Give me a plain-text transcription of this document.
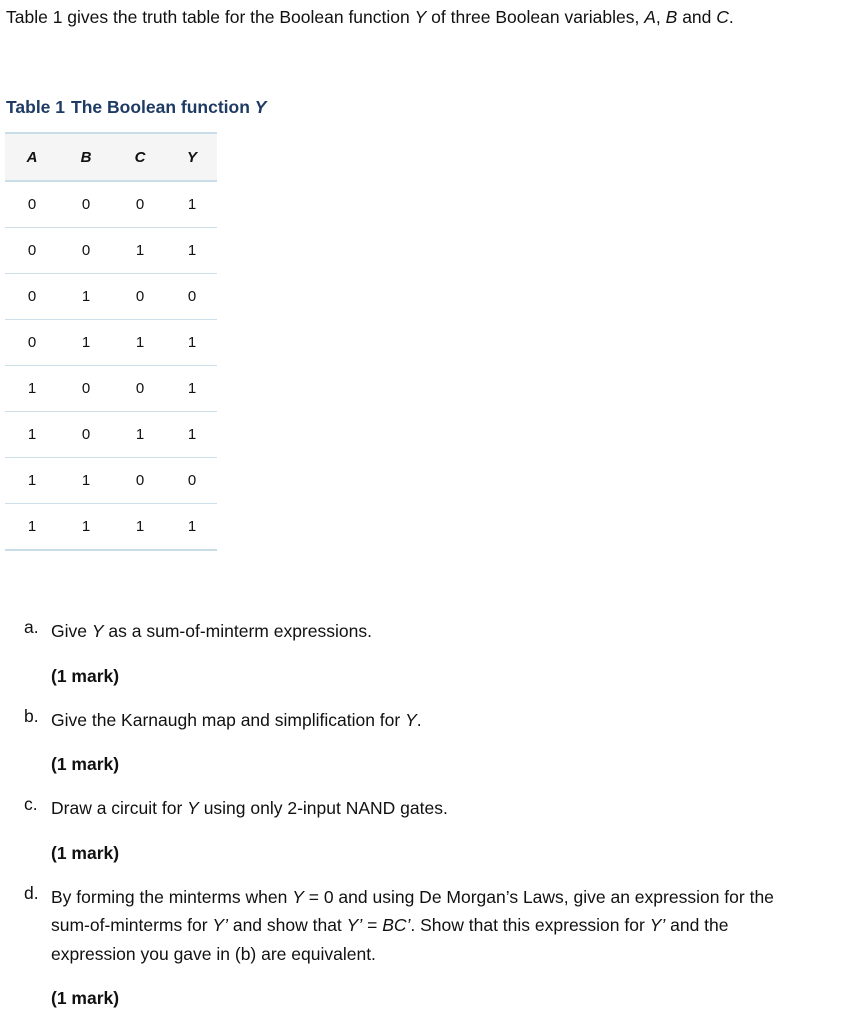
Table 1 gives the truth table for the Boolean function Y of three Boolean variables, A, B and C.

Table 1 The Boolean function Y

A	B	C	Y
0	0	0	1
0	0	1	1
0	1	0	0
0	1	1	1
1	0	0	1
1	0	1	1
1	1	0	0
1	1	1	1
a. Give Y as a sum-of-minterm expressions.

(1 mark)

b. Give the Karnaugh map and simplification for Y.

(1 mark)

c. Draw a circuit for Y using only 2-input NAND gates.

(1 mark)

d. By forming the minterms when Y = 0 and using De Morgan’s Laws, give an expression for the sum-of-minterms for Y’ and show that Y’ = BC’. Show that this expression for Y’ and the expression you gave in (b) are equivalent.

(1 mark)
